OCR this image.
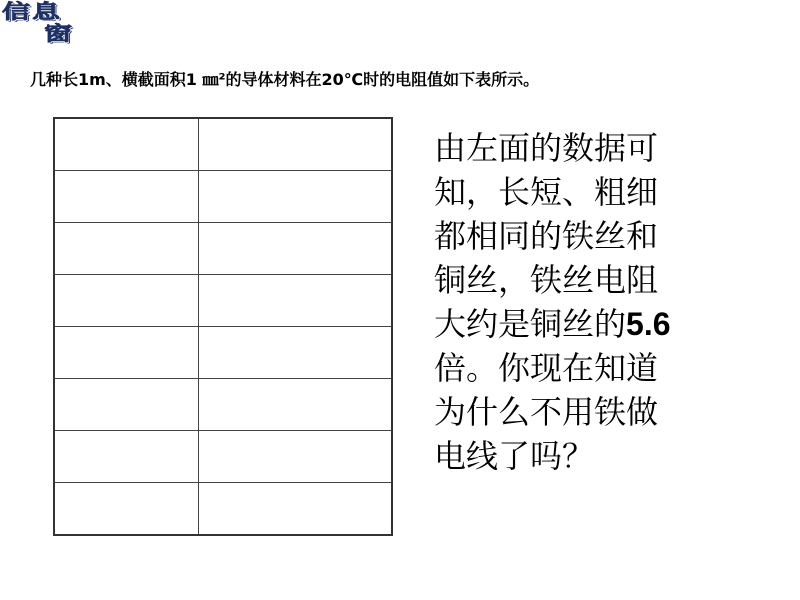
信息
窗
几种长1m、横截面积1 ㎜²的导体材料在20℃时的电阻值如下表所示。

由左面的数据可
知，长短、粗细
都相同的铁丝和
铜丝，铁丝电阻
大约是铜丝的5.6
倍。你现在知道
为什么不用铁做
电线了吗？
